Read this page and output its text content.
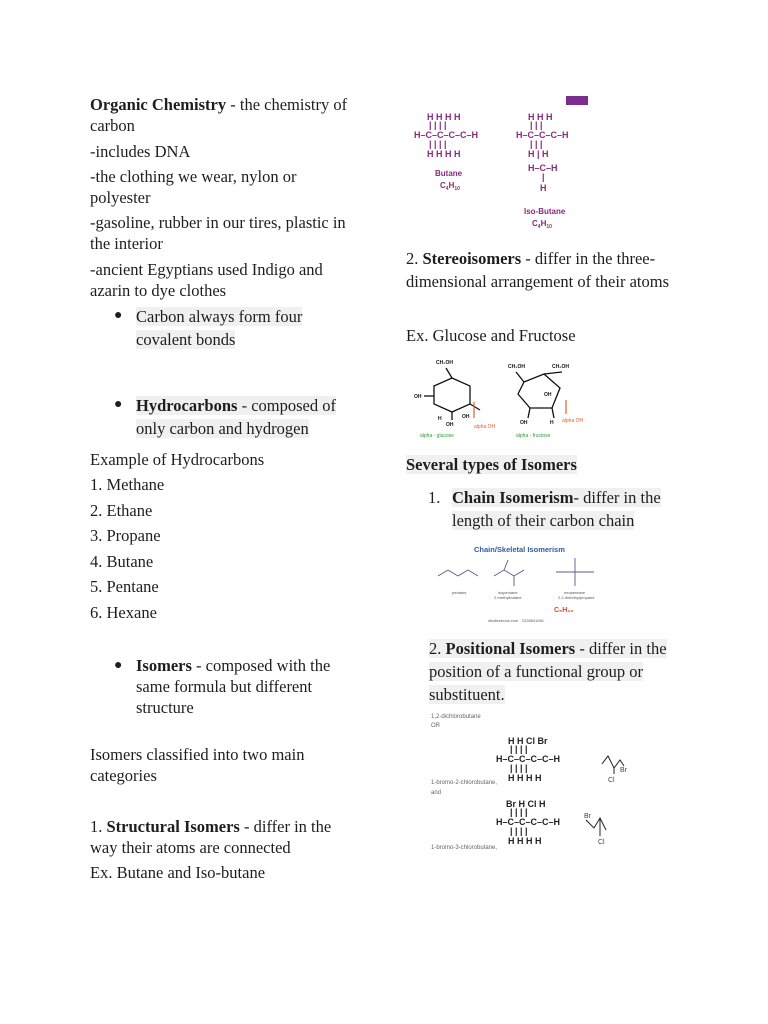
Organic Chemistry - the chemistry of carbon
-includes DNA
-the clothing we wear, nylon or polyester
-gasoline, rubber in our tires, plastic in the interior
-ancient Egyptians used Indigo and azarin to dye clothes
● Carbon always form four covalent bonds
● Hydrocarbons - composed of only carbon and hydrogen
Example of Hydrocarbons
1. Methane
2. Ethane
3. Propane
4. Butane
5. Pentane
6. Hexane
● Isomers - composed with the same formula but different structure
Isomers classified into two main categories
1. Structural Isomers - differ in the way their atoms are connected
Ex. Butane and Iso-butane
H H H H
| | | |
H–C–C–C–C–H
| | | |
H H H H
Butane
$C_4H_{10}$
H H H
| | |
H–C–C–C–H
| | |
H | H
H–C–H
|
H
Iso-Butane
$C_4H_{10}$
2. Stereoisomers - differ in the three-dimensional arrangement of their atoms
Ex. Glucose and Fructose
CH₂OH
OH
OH
H	OH
CH₂OH	CH₂OH
OH	H
OH
alpha - glucose
alpha OH
alpha - fructose
alpha OH
Several types of Isomers
1. Chain Isomerism- differ in the length of their carbon chain
Chain/Skeletal Isomerism
pentane	isopentane
2-methylbutane
neopentane
2,2-dimethylpropane
shutterstock.com · 2226641591
C₅H₁₂
2. Positional Isomers - differ in the position of a functional group or substituent.
1,2-dichlorobutane
OR
1-bromo-2-chlorobutane,
and
1-bromo-3-chlorobutane,
H H Cl Br
| | | |
H–C–C–C–C–H
| | | |
H H H H
Br H Cl H
| | | |
H–C–C–C–C–H
| | | |
H H H H
Br
Cl
Br
Cl
